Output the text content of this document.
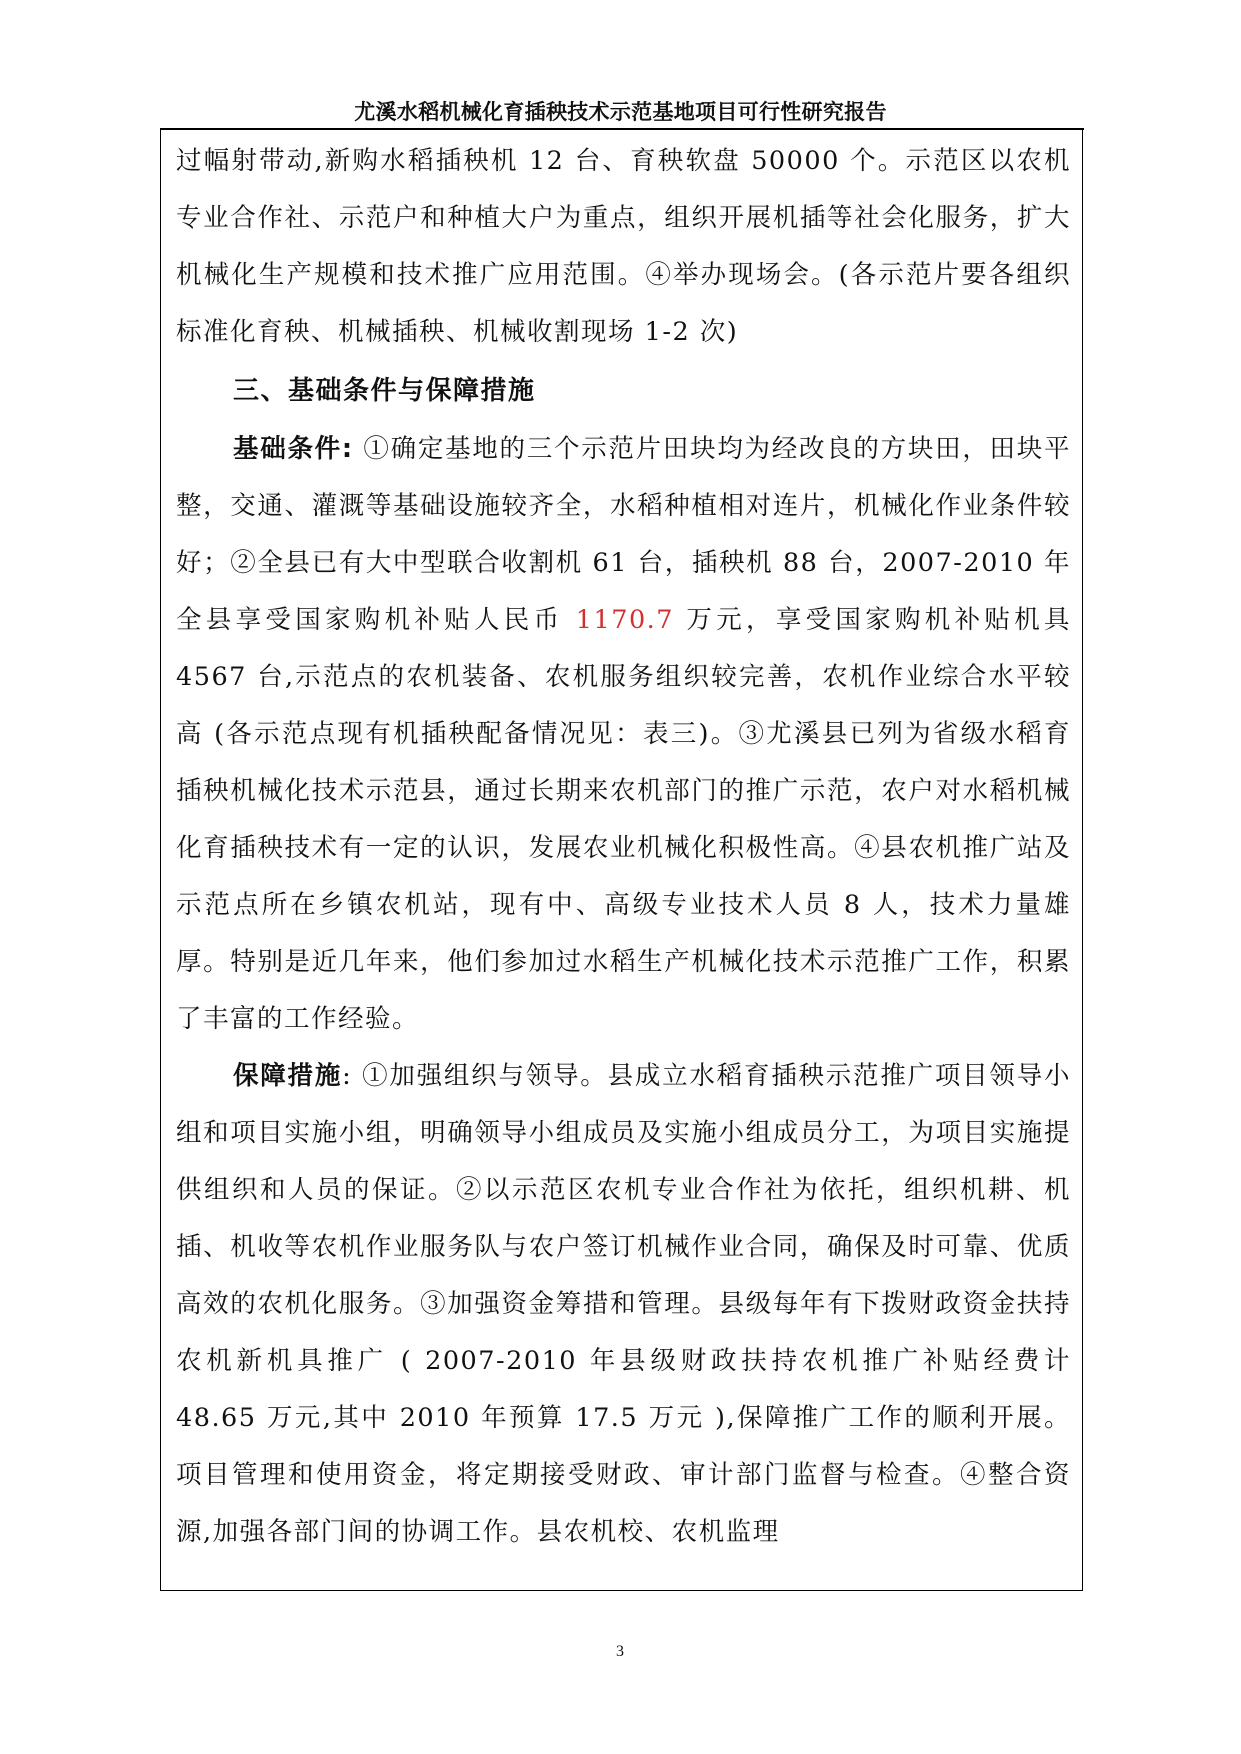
尤溪水稻机械化育插秧技术示范基地项目可行性研究报告

过幅射带动,新购水稻插秧机 12 台、育秧软盘 50000 个。示范区以农机专业合作社、示范户和种植大户为重点，组织开展机插等社会化服务，扩大机械化生产规模和技术推广应用范围。④举办现场会。(各示范片要各组织标准化育秧、机械插秧、机械收割现场 1-2 次)

三、基础条件与保障措施

基础条件: ①确定基地的三个示范片田块均为经改良的方块田，田块平整，交通、灌溉等基础设施较齐全，水稻种植相对连片，机械化作业条件较好；②全县已有大中型联合收割机 61 台，插秧机 88 台，2007-2010 年全县享受国家购机补贴人民币 1170.7 万元，享受国家购机补贴机具 4567 台,示范点的农机装备、农机服务组织较完善，农机作业综合水平较高 (各示范点现有机插秧配备情况见：表三)。③尤溪县已列为省级水稻育插秧机械化技术示范县，通过长期来农机部门的推广示范，农户对水稻机械化育插秧技术有一定的认识，发展农业机械化积极性高。④县农机推广站及示范点所在乡镇农机站，现有中、高级专业技术人员 8 人，技术力量雄厚。特别是近几年来，他们参加过水稻生产机械化技术示范推广工作，积累了丰富的工作经验。

保障措施: ①加强组织与领导。县成立水稻育插秧示范推广项目领导小组和项目实施小组，明确领导小组成员及实施小组成员分工，为项目实施提供组织和人员的保证。②以示范区农机专业合作社为依托，组织机耕、机插、机收等农机作业服务队与农户签订机械作业合同，确保及时可靠、优质高效的农机化服务。③加强资金筹措和管理。县级每年有下拨财政资金扶持农机新机具推广 ( 2007-2010 年县级财政扶持农机推广补贴经费计 48.65 万元,其中 2010 年预算 17.5 万元 ),保障推广工作的顺利开展。项目管理和使用资金，将定期接受财政、审计部门监督与检查。④整合资源,加强各部门间的协调工作。县农机校、农机监理

3
